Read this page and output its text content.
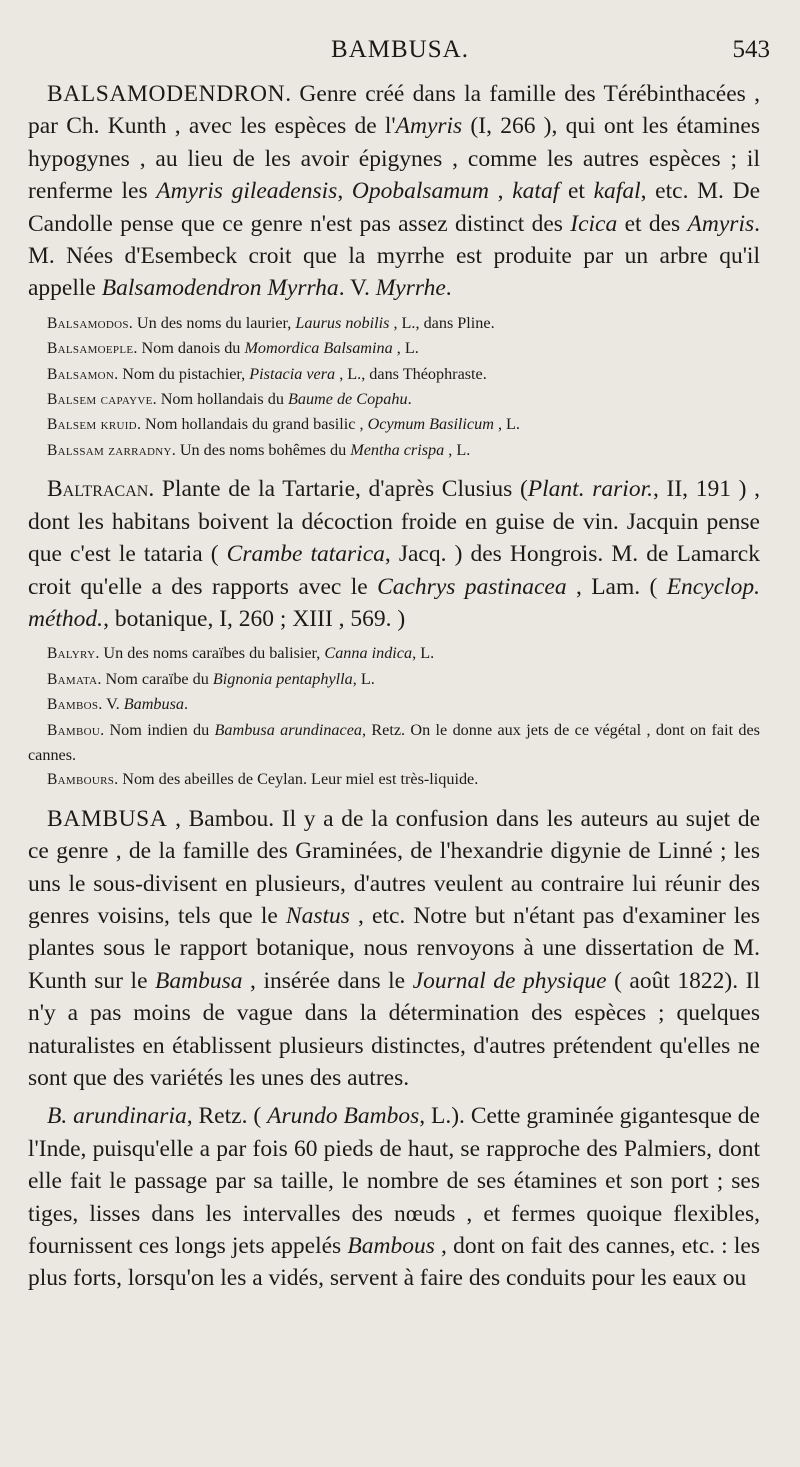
BAMBUSA.	543

BALSAMODENDRON. Genre créé dans la famille des Térébinthacées , par Ch. Kunth , avec les espèces de l'Amyris (I, 266 ), qui ont les étamines hypogynes , au lieu de les avoir épigynes , comme les autres espèces ; il renferme les Amyris gileadensis, Opobalsamum , kataf et kafal, etc. M. De Candolle pense que ce genre n'est pas assez distinct des Icica et des Amyris. M. Nées d'Esembeck croit que la myrrhe est produite par un arbre qu'il appelle Balsamodendron Myrrha. V. Myrrhe.

Balsamodos. Un des noms du laurier, Laurus nobilis , L., dans Pline.

Balsamoeple. Nom danois du Momordica Balsamina , L.

Balsamon. Nom du pistachier, Pistacia vera , L., dans Théophraste.

Balsem capayve. Nom hollandais du Baume de Copahu.

Balsem kruid. Nom hollandais du grand basilic , Ocymum Basilicum , L.

Balssam zarradny. Un des noms bohêmes du Mentha crispa , L.

Baltracan. Plante de la Tartarie, d'après Clusius (Plant. rarior., II, 191 ) , dont les habitans boivent la décoction froide en guise de vin. Jacquin pense que c'est le tataria ( Crambe tatarica, Jacq. ) des Hongrois. M. de Lamarck croit qu'elle a des rapports avec le Cachrys pastinacea , Lam. ( Encyclop. méthod., botanique, I, 260 ; XIII , 569. )

Balyry. Un des noms caraïbes du balisier, Canna indica, L.

Bamata. Nom caraïbe du Bignonia pentaphylla, L.

Bambos. V. Bambusa.

Bambou. Nom indien du Bambusa arundinacea, Retz. On le donne aux jets de ce végétal , dont on fait des cannes.

Bambours. Nom des abeilles de Ceylan. Leur miel est très-liquide.

BAMBUSA , Bambou. Il y a de la confusion dans les auteurs au sujet de ce genre , de la famille des Graminées, de l'hexandrie digynie de Linné ; les uns le sous-divisent en plusieurs, d'autres veulent au contraire lui réunir des genres voisins, tels que le Nastus , etc. Notre but n'étant pas d'examiner les plantes sous le rapport botanique, nous renvoyons à une dissertation de M. Kunth sur le Bambusa , insérée dans le Journal de physique ( août 1822). Il n'y a pas moins de vague dans la détermination des espèces ; quelques naturalistes en établissent plusieurs distinctes, d'autres prétendent qu'elles ne sont que des variétés les unes des autres.

B. arundinaria, Retz. ( Arundo Bambos, L.). Cette graminée gigantesque de l'Inde, puisqu'elle a par fois 60 pieds de haut, se rapproche des Palmiers, dont elle fait le passage par sa taille, le nombre de ses étamines et son port ; ses tiges, lisses dans les intervalles des nœuds , et fermes quoique flexibles, fournissent ces longs jets appelés Bambous , dont on fait des cannes, etc. : les plus forts, lorsqu'on les a vidés, servent à faire des conduits pour les eaux ou
